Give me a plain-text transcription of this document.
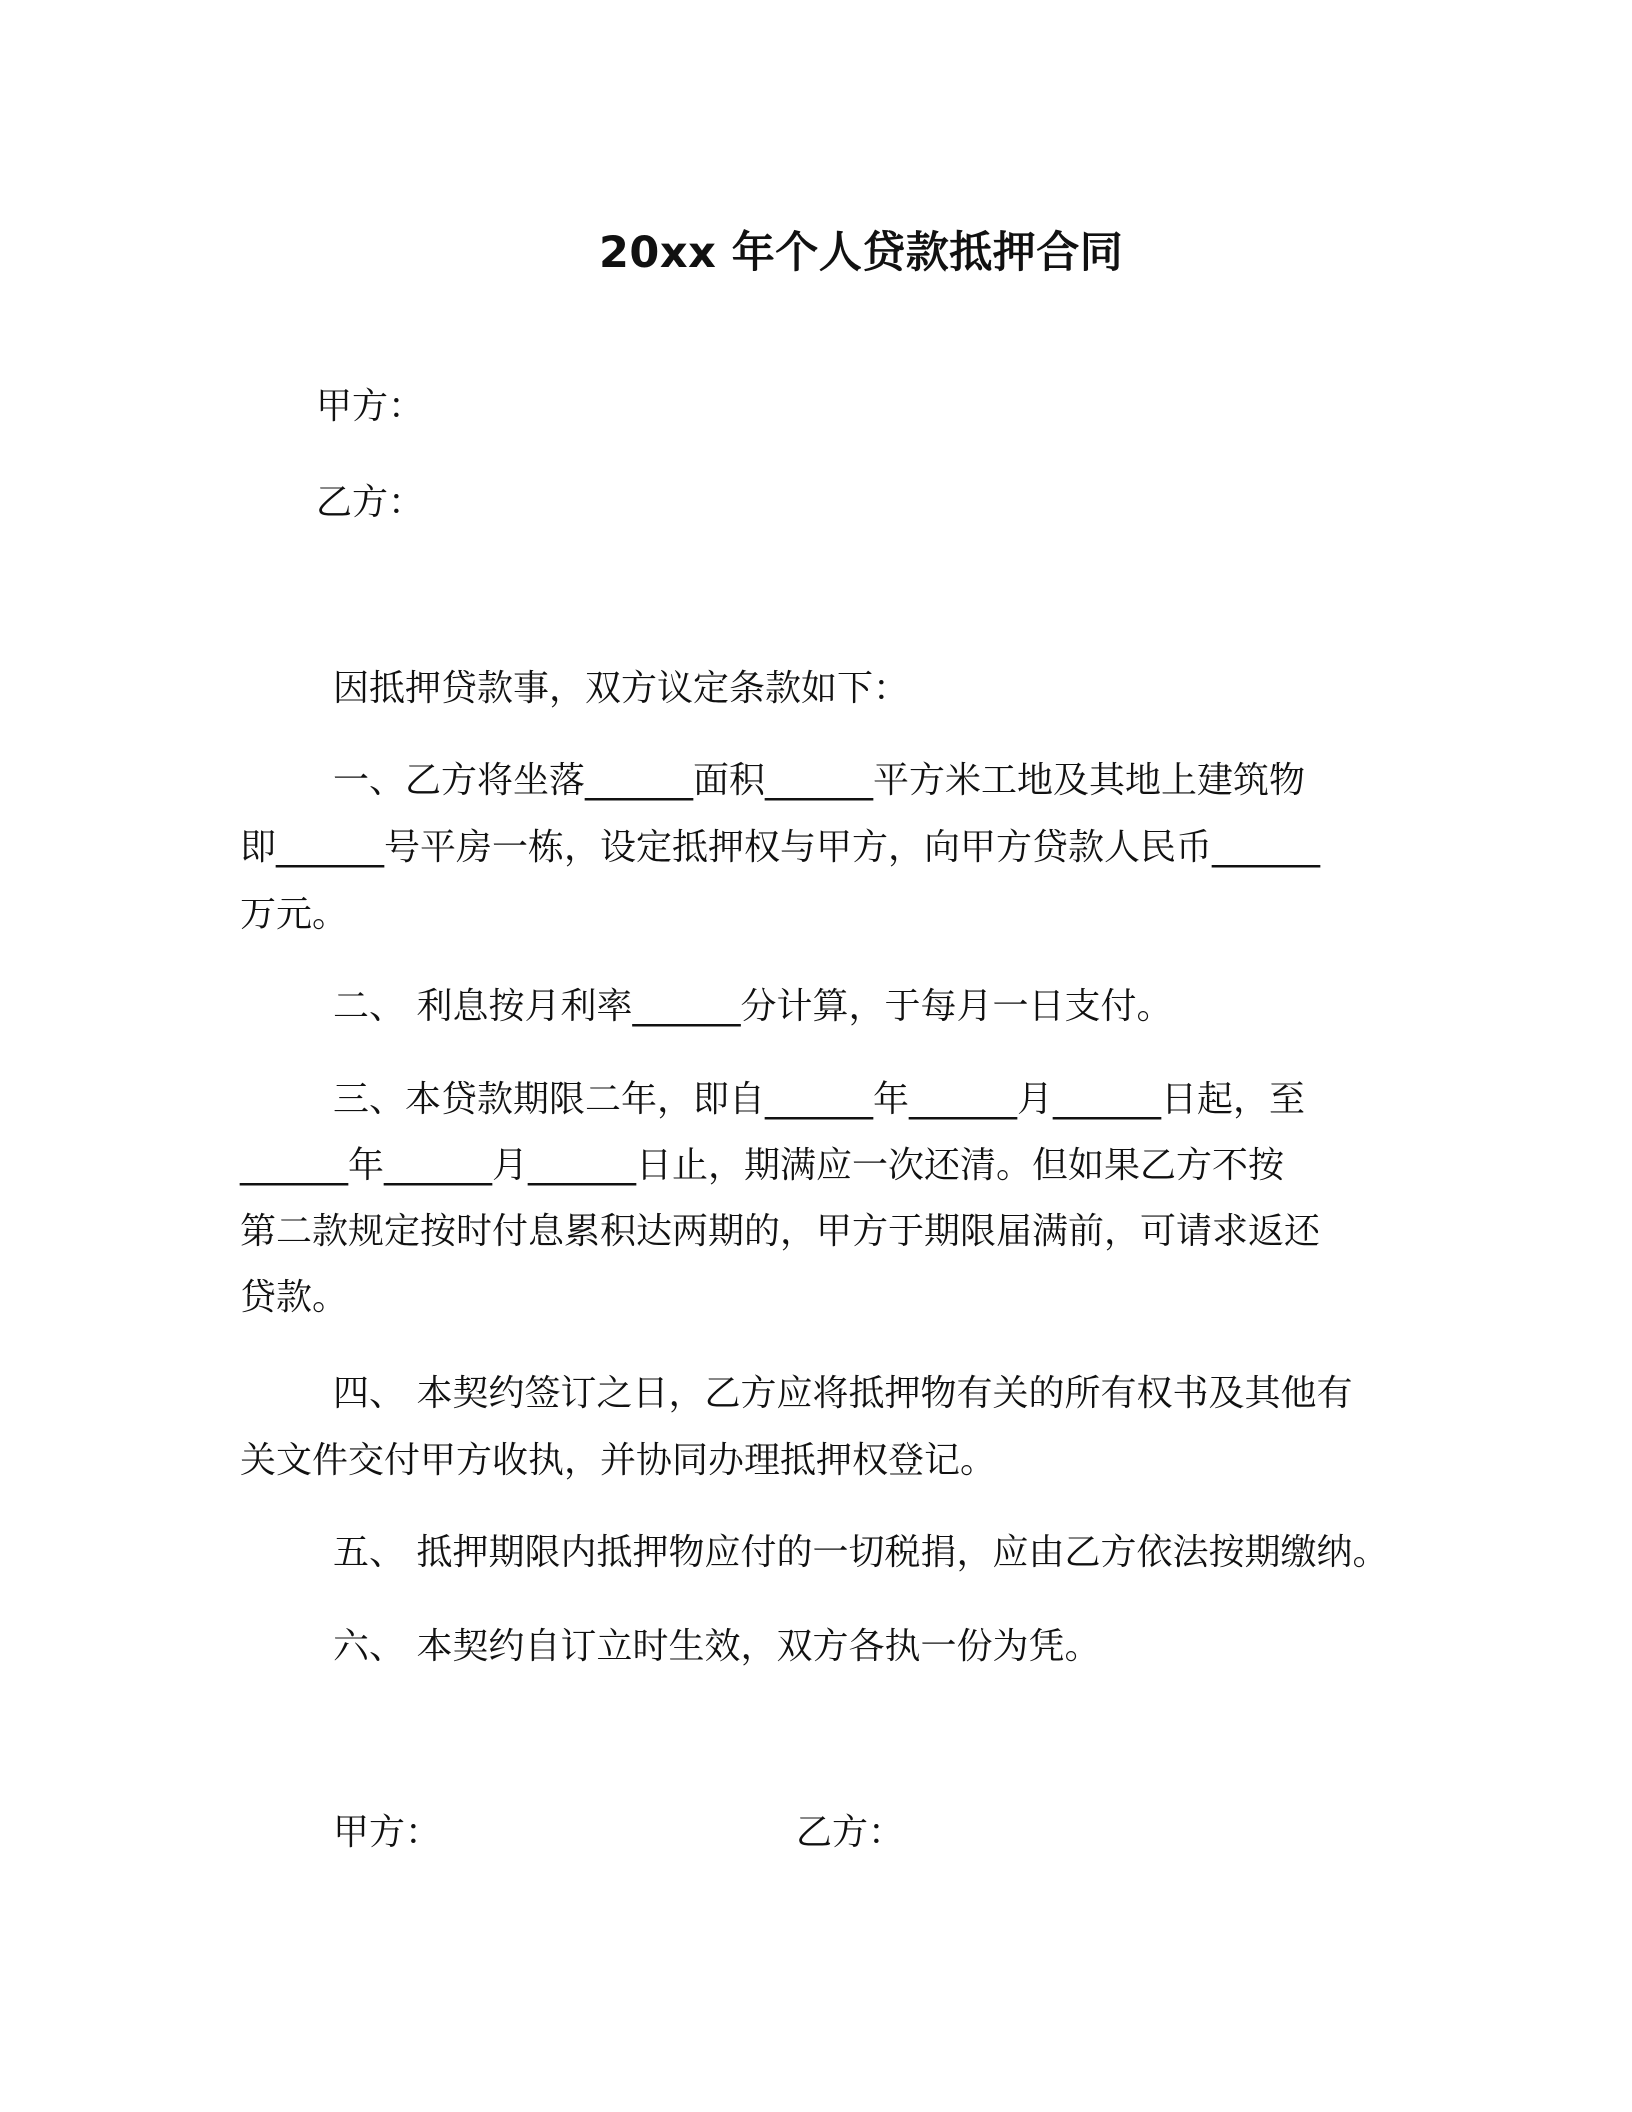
20xx 年个人贷款抵押合同
甲方：
乙方：
因抵押贷款事，双方议定条款如下：
一、乙方将坐落______面积______平方米工地及其地上建筑物
即______号平房一栋，设定抵押权与甲方，向甲方贷款人民币______
万元。
二、 利息按月利率______分计算，于每月一日支付。
三、本贷款期限二年，即自______年______月______日起，至
______年______月______日止，期满应一次还清。但如果乙方不按
第二款规定按时付息累积达两期的，甲方于期限届满前，可请求返还
贷款。
四、 本契约签订之日，乙方应将抵押物有关的所有权书及其他有
关文件交付甲方收执，并协同办理抵押权登记。
五、 抵押期限内抵押物应付的一切税捐，应由乙方依法按期缴纳。
六、 本契约自订立时生效，双方各执一份为凭。
甲方：	乙方：
